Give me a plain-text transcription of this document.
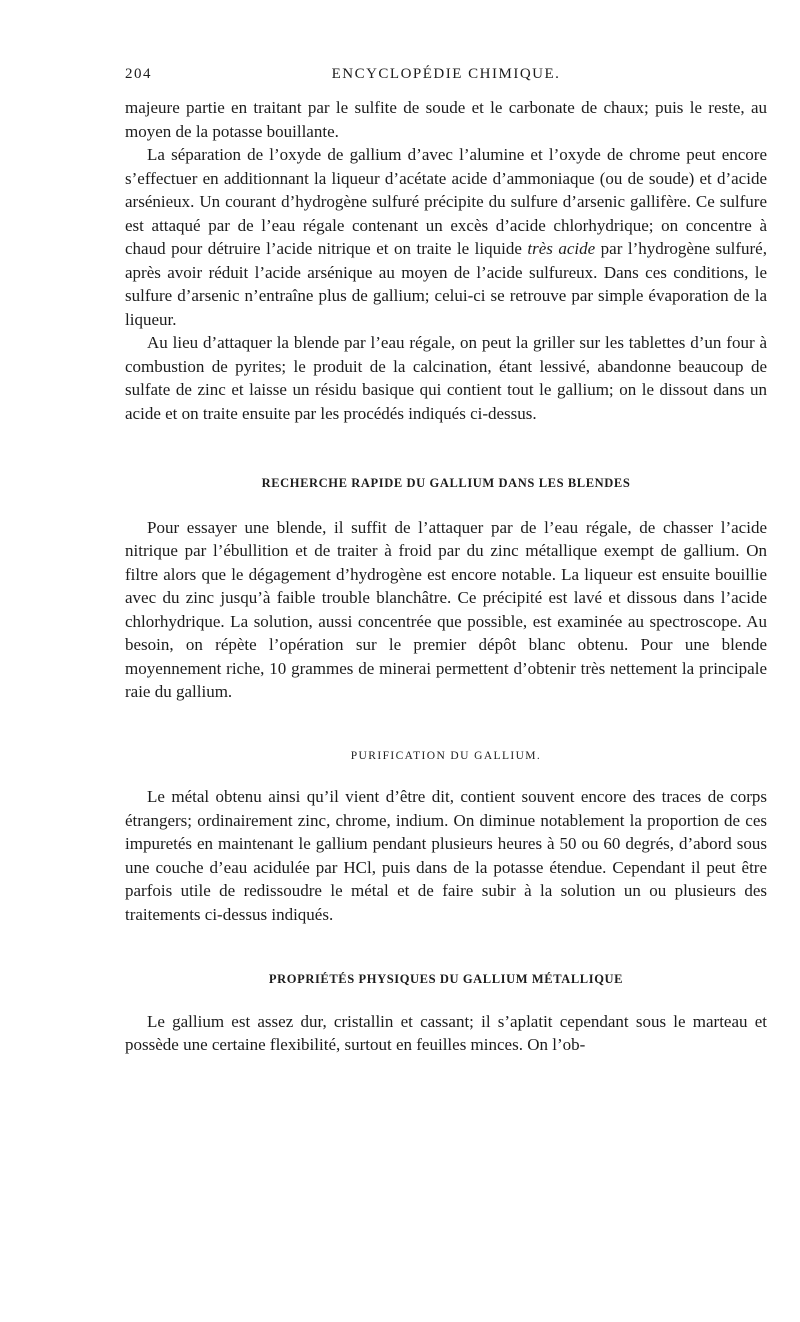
204	ENCYCLOPÉDIE CHIMIQUE.

majeure partie en traitant par le sulfite de soude et le carbonate de chaux; puis le reste, au moyen de la potasse bouillante.

La séparation de l’oxyde de gallium d’avec l’alumine et l’oxyde de chrome peut encore s’effectuer en additionnant la liqueur d’acétate acide d’ammoniaque (ou de soude) et d’acide arsénieux. Un courant d’hydrogène sulfuré précipite du sulfure d’arsenic gallifère. Ce sulfure est attaqué par de l’eau régale contenant un excès d’acide chlorhydrique; on concentre à chaud pour détruire l’acide nitrique et on traite le liquide très acide par l’hydrogène sulfuré, après avoir réduit l’acide arsénique au moyen de l’acide sulfureux. Dans ces conditions, le sulfure d’arsenic n’entraîne plus de gallium; celui-ci se retrouve par simple évaporation de la liqueur.

Au lieu d’attaquer la blende par l’eau régale, on peut la griller sur les tablettes d’un four à combustion de pyrites; le produit de la calcination, étant lessivé, abandonne beaucoup de sulfate de zinc et laisse un résidu basique qui contient tout le gallium; on le dissout dans un acide et on traite ensuite par les procédés indiqués ci-dessus.

RECHERCHE RAPIDE DU GALLIUM DANS LES BLENDES

Pour essayer une blende, il suffit de l’attaquer par de l’eau régale, de chasser l’acide nitrique par l’ébullition et de traiter à froid par du zinc métallique exempt de gallium. On filtre alors que le dégagement d’hydrogène est encore notable. La liqueur est ensuite bouillie avec du zinc jusqu’à faible trouble blanchâtre. Ce précipité est lavé et dissous dans l’acide chlorhydrique. La solution, aussi concentrée que possible, est examinée au spectroscope. Au besoin, on répète l’opération sur le premier dépôt blanc obtenu. Pour une blende moyennement riche, 10 grammes de minerai permettent d’obtenir très nettement la principale raie du gallium.

PURIFICATION DU GALLIUM.

Le métal obtenu ainsi qu’il vient d’être dit, contient souvent encore des traces de corps étrangers; ordinairement zinc, chrome, indium. On diminue notablement la proportion de ces impuretés en maintenant le gallium pendant plusieurs heures à 50 ou 60 degrés, d’abord sous une couche d’eau acidulée par HCl, puis dans de la potasse étendue. Cependant il peut être parfois utile de redissoudre le métal et de faire subir à la solution un ou plusieurs des traitements ci-dessus indiqués.

PROPRIÉTÉS PHYSIQUES DU GALLIUM MÉTALLIQUE

Le gallium est assez dur, cristallin et cassant; il s’aplatit cependant sous le marteau et possède une certaine flexibilité, surtout en feuilles minces. On l’ob-
